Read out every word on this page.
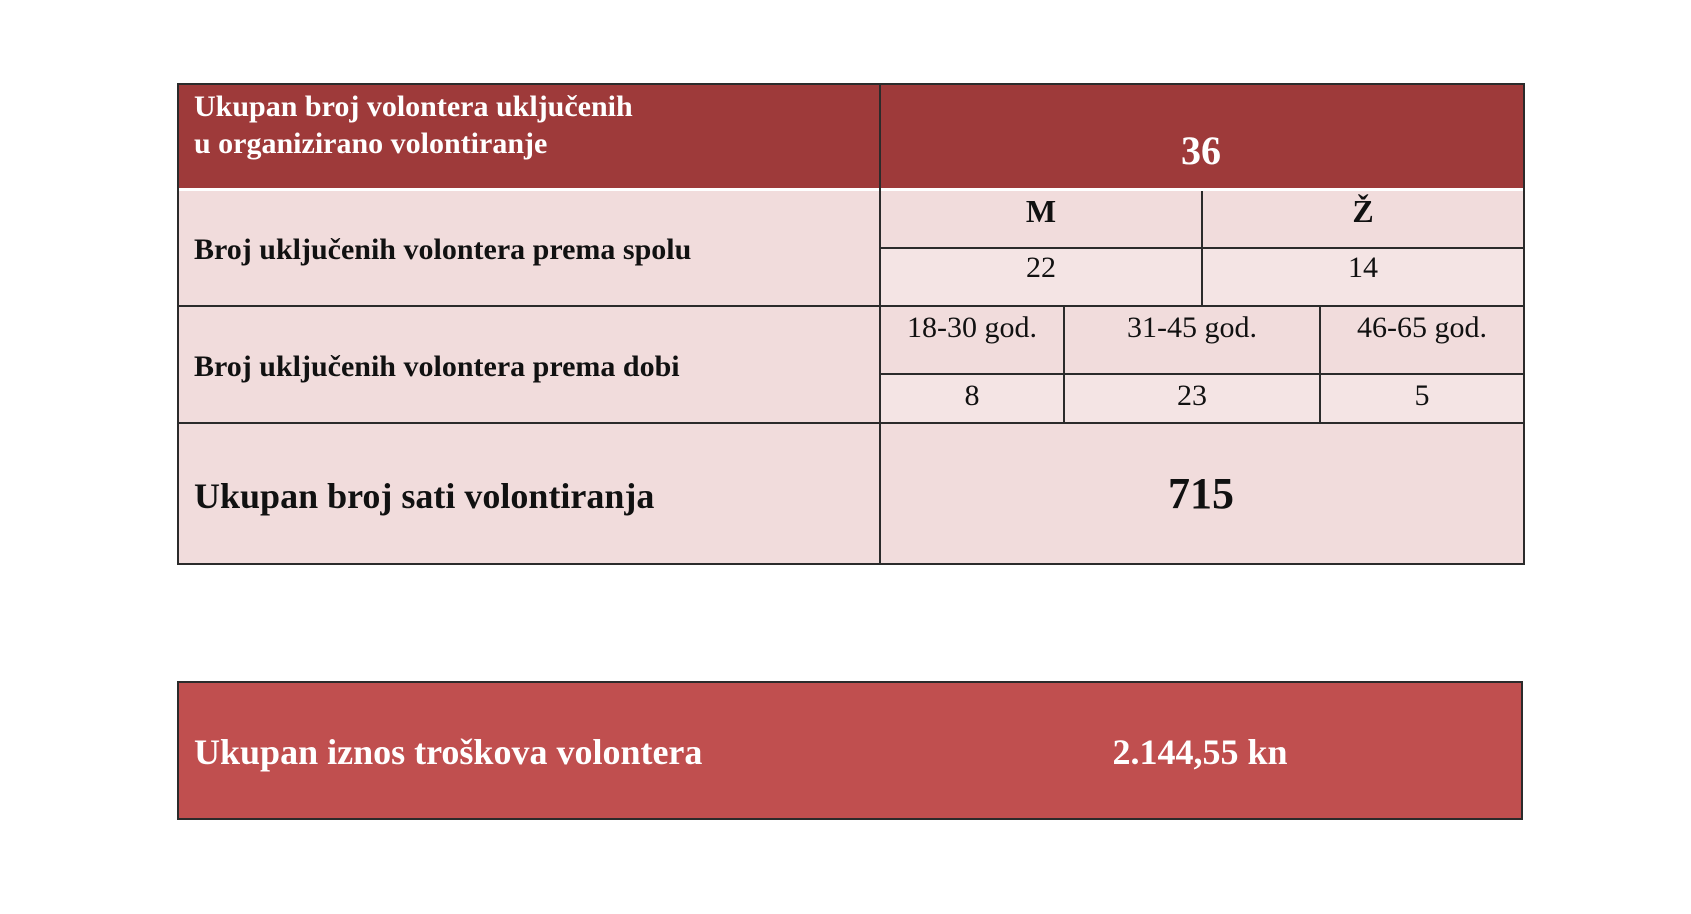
Ukupan broj volontera uključenih
u organizirano volontiranje	36
Broj uključenih volontera prema spolu
M	Ž
22	14
Broj uključenih volontera prema dobi
18-30 god.	31-45 god.	46-65 god.
8	23	5
Ukupan broj sati volontiranja	715
Ukupan iznos troškova volontera	2.144,55 kn
